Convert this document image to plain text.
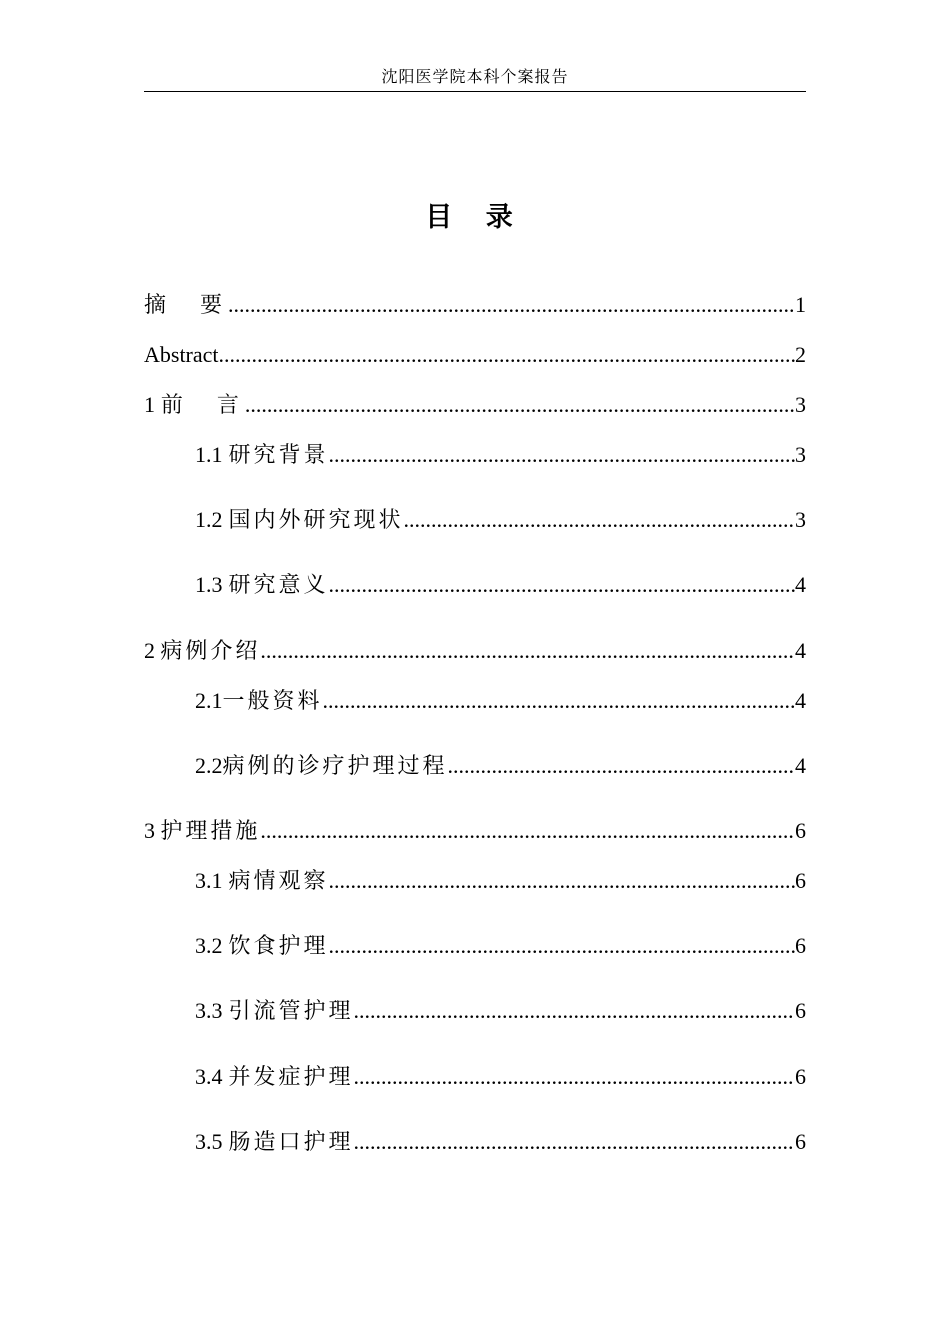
沈阳医学院本科个案报告
目 录
摘　要 .....	1
Abstract .....	2
1 前　言 .....	3
1.1 研究背景 .....	3
1.2 国内外研究现状 .....	3
1.3 研究意义 .....	4
2 病例介绍 .....	4
2.1 一般资料 .....	4
2.2 病例的诊疗护理过程 .....	4
3 护理措施 .....	6
3.1 病情观察 .....	6
3.2 饮食护理 .....	6
3.3 引流管护理 .....	6
3.4 并发症护理 .....	6
3.5 肠造口护理 .....	6
